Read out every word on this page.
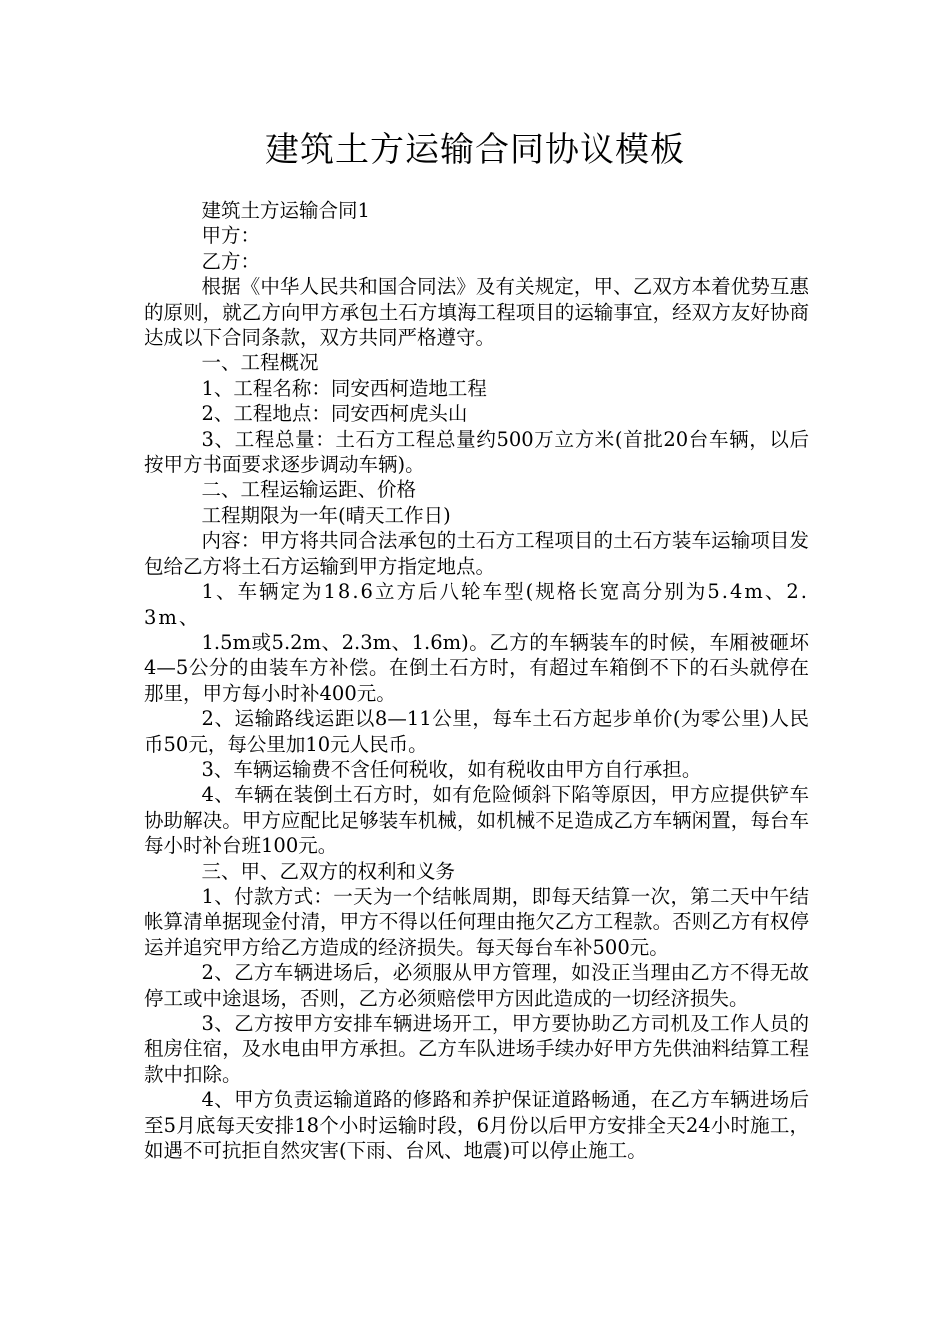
建筑土方运输合同协议模板

建筑土方运输合同1

甲方：

乙方：

根据《中华人民共和国合同法》及有关规定，甲、乙双方本着优势互惠的原则，就乙方向甲方承包土石方填海工程项目的运输事宜，经双方友好协商达成以下合同条款，双方共同严格遵守。

一、工程概况

1、工程名称：同安西柯造地工程

2、工程地点：同安西柯虎头山

3、工程总量：土石方工程总量约500万立方米(首批20台车辆，以后按甲方书面要求逐步调动车辆)。

二、工程运输运距、价格

工程期限为一年(晴天工作日)

内容：甲方将共同合法承包的土石方工程项目的土石方装车运输项目发包给乙方将土石方运输到甲方指定地点。

1、车辆定为18.6立方后八轮车型(规格长宽高分别为5.4m、2.3m、

1.5m或5.2m、2.3m、1.6m)。乙方的车辆装车的时候，车厢被砸坏4—5公分的由装车方补偿。在倒土石方时，有超过车箱倒不下的石头就停在那里，甲方每小时补400元。

2、运输路线运距以8—11公里，每车土石方起步单价(为零公里)人民币50元，每公里加10元人民币。

3、车辆运输费不含任何税收，如有税收由甲方自行承担。

4、车辆在装倒土石方时，如有危险倾斜下陷等原因，甲方应提供铲车协助解决。甲方应配比足够装车机械，如机械不足造成乙方车辆闲置，每台车每小时补台班100元。

三、甲、乙双方的权利和义务

1、付款方式：一天为一个结帐周期，即每天结算一次，第二天中午结帐算清单据现金付清，甲方不得以任何理由拖欠乙方工程款。否则乙方有权停运并追究甲方给乙方造成的经济损失。每天每台车补500元。

2、乙方车辆进场后，必须服从甲方管理，如没正当理由乙方不得无故停工或中途退场，否则，乙方必须赔偿甲方因此造成的一切经济损失。

3、乙方按甲方安排车辆进场开工，甲方要协助乙方司机及工作人员的租房住宿，及水电由甲方承担。乙方车队进场手续办好甲方先供油料结算工程款中扣除。

4、甲方负责运输道路的修路和养护保证道路畅通，在乙方车辆进场后至5月底每天安排18个小时运输时段，6月份以后甲方安排全天24小时施工，如遇不可抗拒自然灾害(下雨、台风、地震)可以停止施工。
